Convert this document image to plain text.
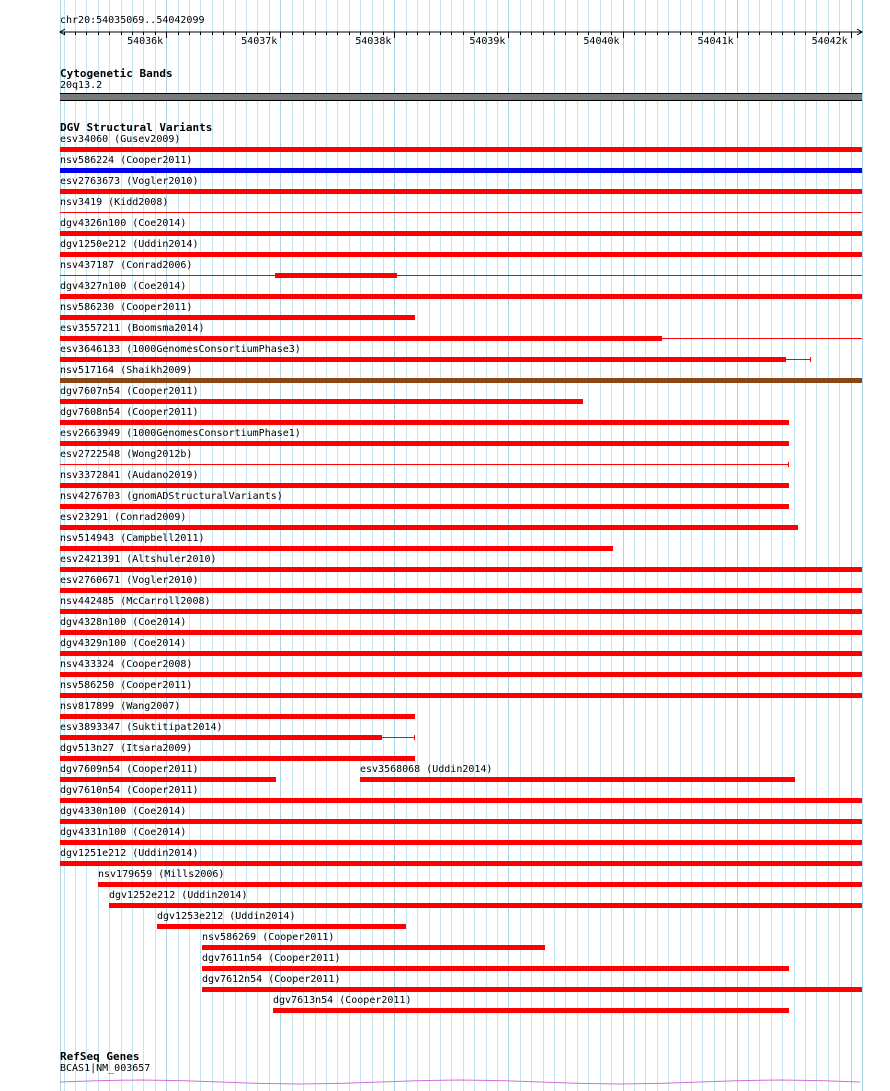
chr20:54035069..54042099
54036k	54037k	54038k	54039k	54040k	54041k	54042k
Cytogenetic Bands
20q13.2
DGV Structural Variants
esv34060 (Gusev2009)
nsv586224 (Cooper2011)
esv2763673 (Vogler2010)
nsv3419 (Kidd2008)
dgv4326n100 (Coe2014)
dgv1250e212 (Uddin2014)
nsv437187 (Conrad2006)
dgv4327n100 (Coe2014)
nsv586230 (Cooper2011)
esv3557211 (Boomsma2014)
esv3646133 (1000GenomesConsortiumPhase3)
nsv517164 (Shaikh2009)
dgv7607n54 (Cooper2011)
dgv7608n54 (Cooper2011)
esv2663949 (1000GenomesConsortiumPhase1)
esv2722548 (Wong2012b)
nsv3372841 (Audano2019)
nsv4276703 (gnomADStructuralVariants)
esv23291 (Conrad2009)
nsv514943 (Campbell2011)
esv2421391 (Altshuler2010)
esv2760671 (Vogler2010)
nsv442485 (McCarroll2008)
dgv4328n100 (Coe2014)
dgv4329n100 (Coe2014)
nsv433324 (Cooper2008)
nsv586250 (Cooper2011)
nsv817899 (Wang2007)
esv3893347 (Suktitipat2014)
dgv513n27 (Itsara2009)
dgv7609n54 (Cooper2011)	esv3568068 (Uddin2014)
dgv7610n54 (Cooper2011)
dgv4330n100 (Coe2014)
dgv4331n100 (Coe2014)
dgv1251e212 (Uddin2014)
nsv179659 (Mills2006)
dgv1252e212 (Uddin2014)
dgv1253e212 (Uddin2014)
nsv586269 (Cooper2011)
dgv7611n54 (Cooper2011)
dgv7612n54 (Cooper2011)
dgv7613n54 (Cooper2011)
RefSeq Genes
BCAS1|NM_003657
